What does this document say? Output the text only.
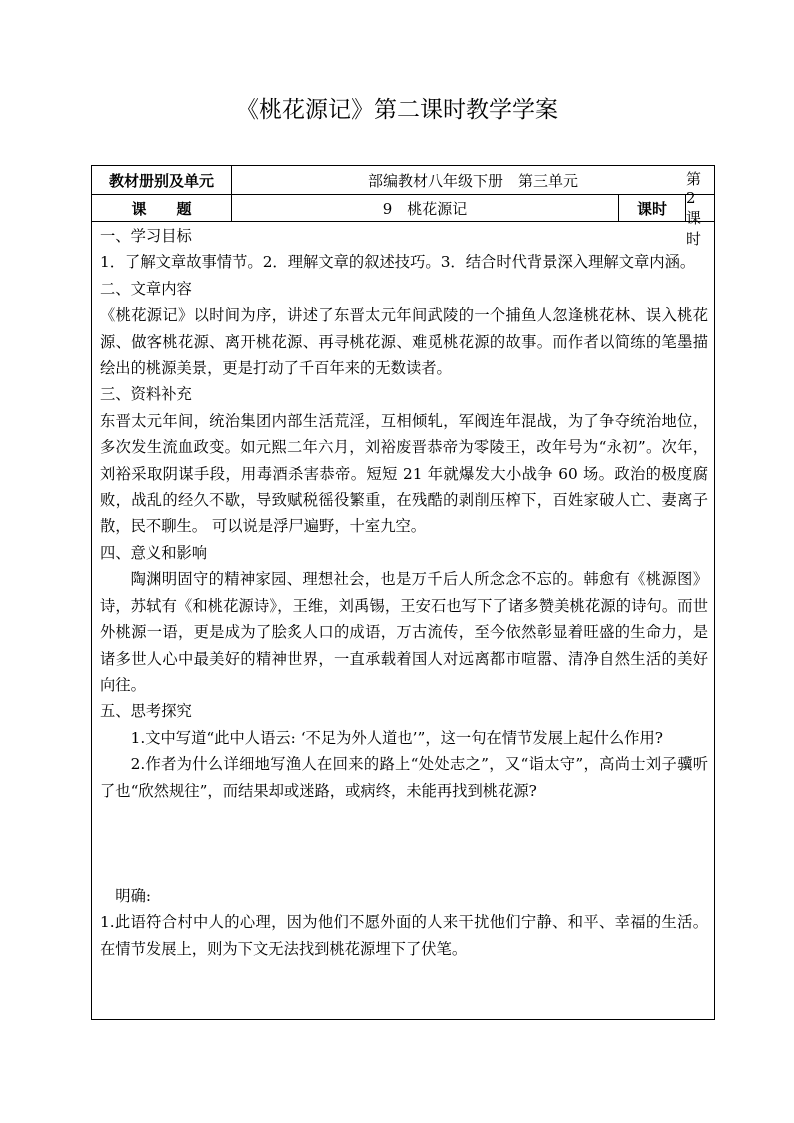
《桃花源记》第二课时教学学案
教材册别及单元	部编教材八年级下册　第三单元
课　　题	9　桃花源记	课时
第 2 课时

一、学习目标

1．了解文章故事情节。2．理解文章的叙述技巧。3．结合时代背景深入理解文章内涵。

二、文章内容

《桃花源记》以时间为序，讲述了东晋太元年间武陵的一个捕鱼人忽逢桃花林、误入桃花源、做客桃花源、离开桃花源、再寻桃花源、难觅桃花源的故事。而作者以简练的笔墨描绘出的桃源美景，更是打动了千百年来的无数读者。

三、资料补充

东晋太元年间，统治集团内部生活荒淫，互相倾轧，军阀连年混战，为了争夺统治地位，多次发生流血政变。如元熙二年六月，刘裕废晋恭帝为零陵王，改年号为“永初”。次年，刘裕采取阴谋手段，用毒酒杀害恭帝。短短 21 年就爆发大小战争 60 场。政治的极度腐败，战乱的经久不歇，导致赋税徭役繁重，在残酷的剥削压榨下，百姓家破人亡、妻离子散，民不聊生。 可以说是浮尸遍野，十室九空。

四、意义和影响

陶渊明固守的精神家园、理想社会，也是万千后人所念念不忘的。韩愈有《桃源图》诗，苏轼有《和桃花源诗》，王维，刘禹锡，王安石也写下了诸多赞美桃花源的诗句。而世外桃源一语，更是成为了脍炙人口的成语，万古流传，至今依然彰显着旺盛的生命力，是诸多世人心中最美好的精神世界，一直承载着国人对远离都市喧嚣、清净自然生活的美好向往。

五、思考探究

1.文中写道“此中人语云: ‘不足为外人道也’”，这一句在情节发展上起什么作用?

2.作者为什么详细地写渔人在回来的路上“处处志之”，又“诣太守”，高尚士刘子骥听了也“欣然规往”，而结果却或迷路，或病终，未能再找到桃花源?

明确:

1.此语符合村中人的心理，因为他们不愿外面的人来干扰他们宁静、和平、幸福的生活。在情节发展上，则为下文无法找到桃花源埋下了伏笔。
